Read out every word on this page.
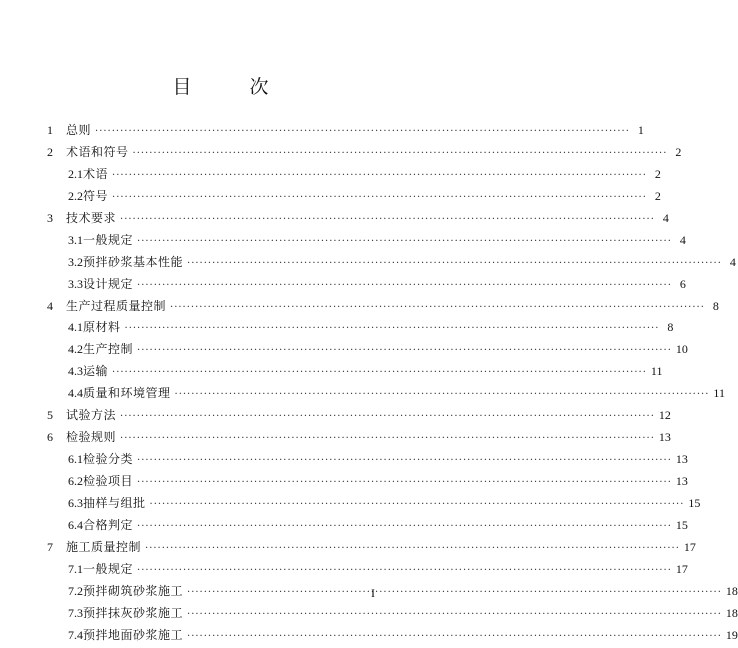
目 次
1 总则 ·····	1
2 术语和符号 ·····	2
2.1 术语 ·····	2
2.2 符号 ·····	2
3 技术要求 ·····	4
3.1 一般规定 ·····	4
3.2 预拌砂浆基本性能 ·····	4
3.3 设计规定 ·····	6
4 生产过程质量控制 ·····	8
4.1 原材料 ·····	8
4.2 生产控制 ·····	10
4.3 运输 ·····	11
4.4 质量和环境管理 ·····	11
5 试验方法 ·····	12
6 检验规则 ·····	13
6.1 检验分类 ·····	13
6.2 检验项目 ·····	13
6.3 抽样与组批 ·····	15
6.4 合格判定 ·····	15
7 施工质量控制 ·····	17
7.1 一般规定 ·····	17
7.2 预拌砌筑砂浆施工 ·····	18
7.3 预拌抹灰砂浆施工 ·····	18
7.4 预拌地面砂浆施工 ·····	19
I
